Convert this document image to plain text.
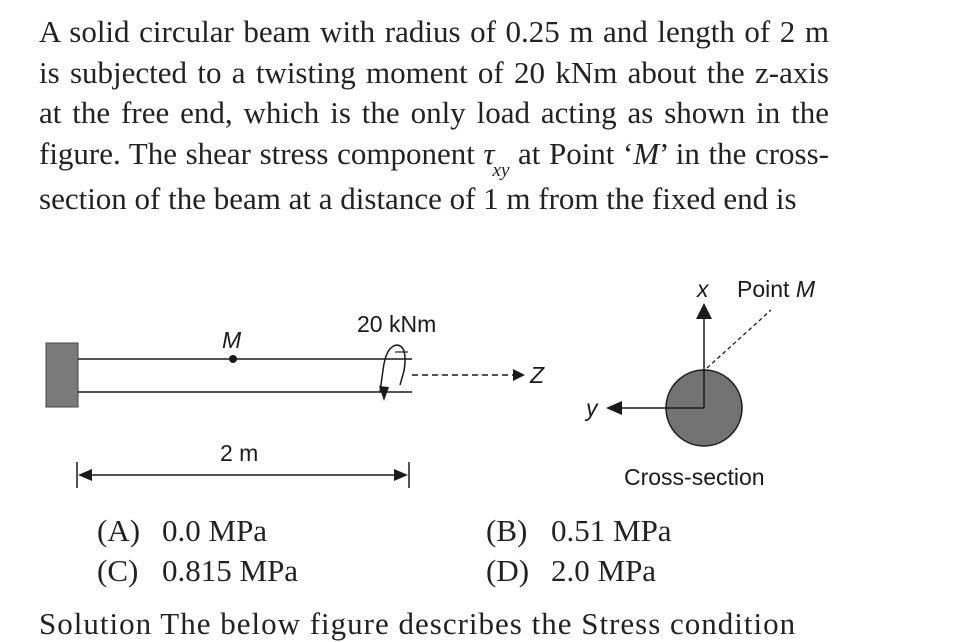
A solid circular beam with radius of 0.25 m and length of 2 m is subjected to a twisting moment of 20 kNm about the z-axis at the free end, which is the only load acting as shown in the figure. The shear stress component $\tau_{xy}$ at Point ‘M’ in the cross-section of the beam at a distance of 1 m from the fixed end is
M
20 kNm
Z
2 m
x Point M
y
Cross-section
(A) 0.0 MPa
(C) 0.815 MPa
(B) 0.51 MPa
(D) 2.0 MPa
Solution The below figure describes the Stress condition
